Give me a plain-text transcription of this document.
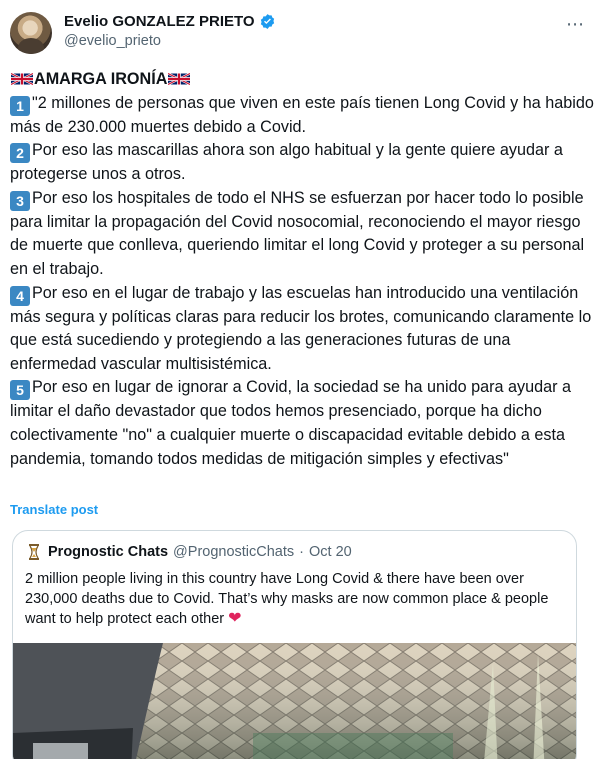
Evelio GONZALEZ PRIETO
@evelio_prieto
⋯

AMARGA IRONÍA

1 "2 millones de personas que viven en este país tienen Long Covid y ha habido más de 230.000 muertes debido a Covid.

2 Por eso las mascarillas ahora son algo habitual y la gente quiere ayudar a protegerse unos a otros.

3 Por eso los hospitales de todo el NHS se esfuerzan por hacer todo lo posible para limitar la propagación del Covid nosocomial, reconociendo el mayor riesgo de muerte que conlleva, queriendo limitar el long Covid y proteger a su personal en el trabajo.

4 Por eso en el lugar de trabajo y las escuelas han introducido una ventilación más segura y políticas claras para reducir los brotes, comunicando claramente lo que está sucediendo y protegiendo a las generaciones futuras de una enfermedad vascular multisistémica.

5 Por eso en lugar de ignorar a Covid, la sociedad se ha unido para ayudar a limitar el daño devastador que todos hemos presenciado, porque ha dicho colectivamente "no" a cualquier muerte o discapacidad evitable debido a esta pandemia, tomando todos medidas de mitigación simples y efectivas"

Translate post
Prognostic Chats @PrognosticChats · Oct 20
2 million people living in this country have Long Covid & there have been over 230,000 deaths due to Covid. That’s why masks are now common place & people want to help protect each other ❤
